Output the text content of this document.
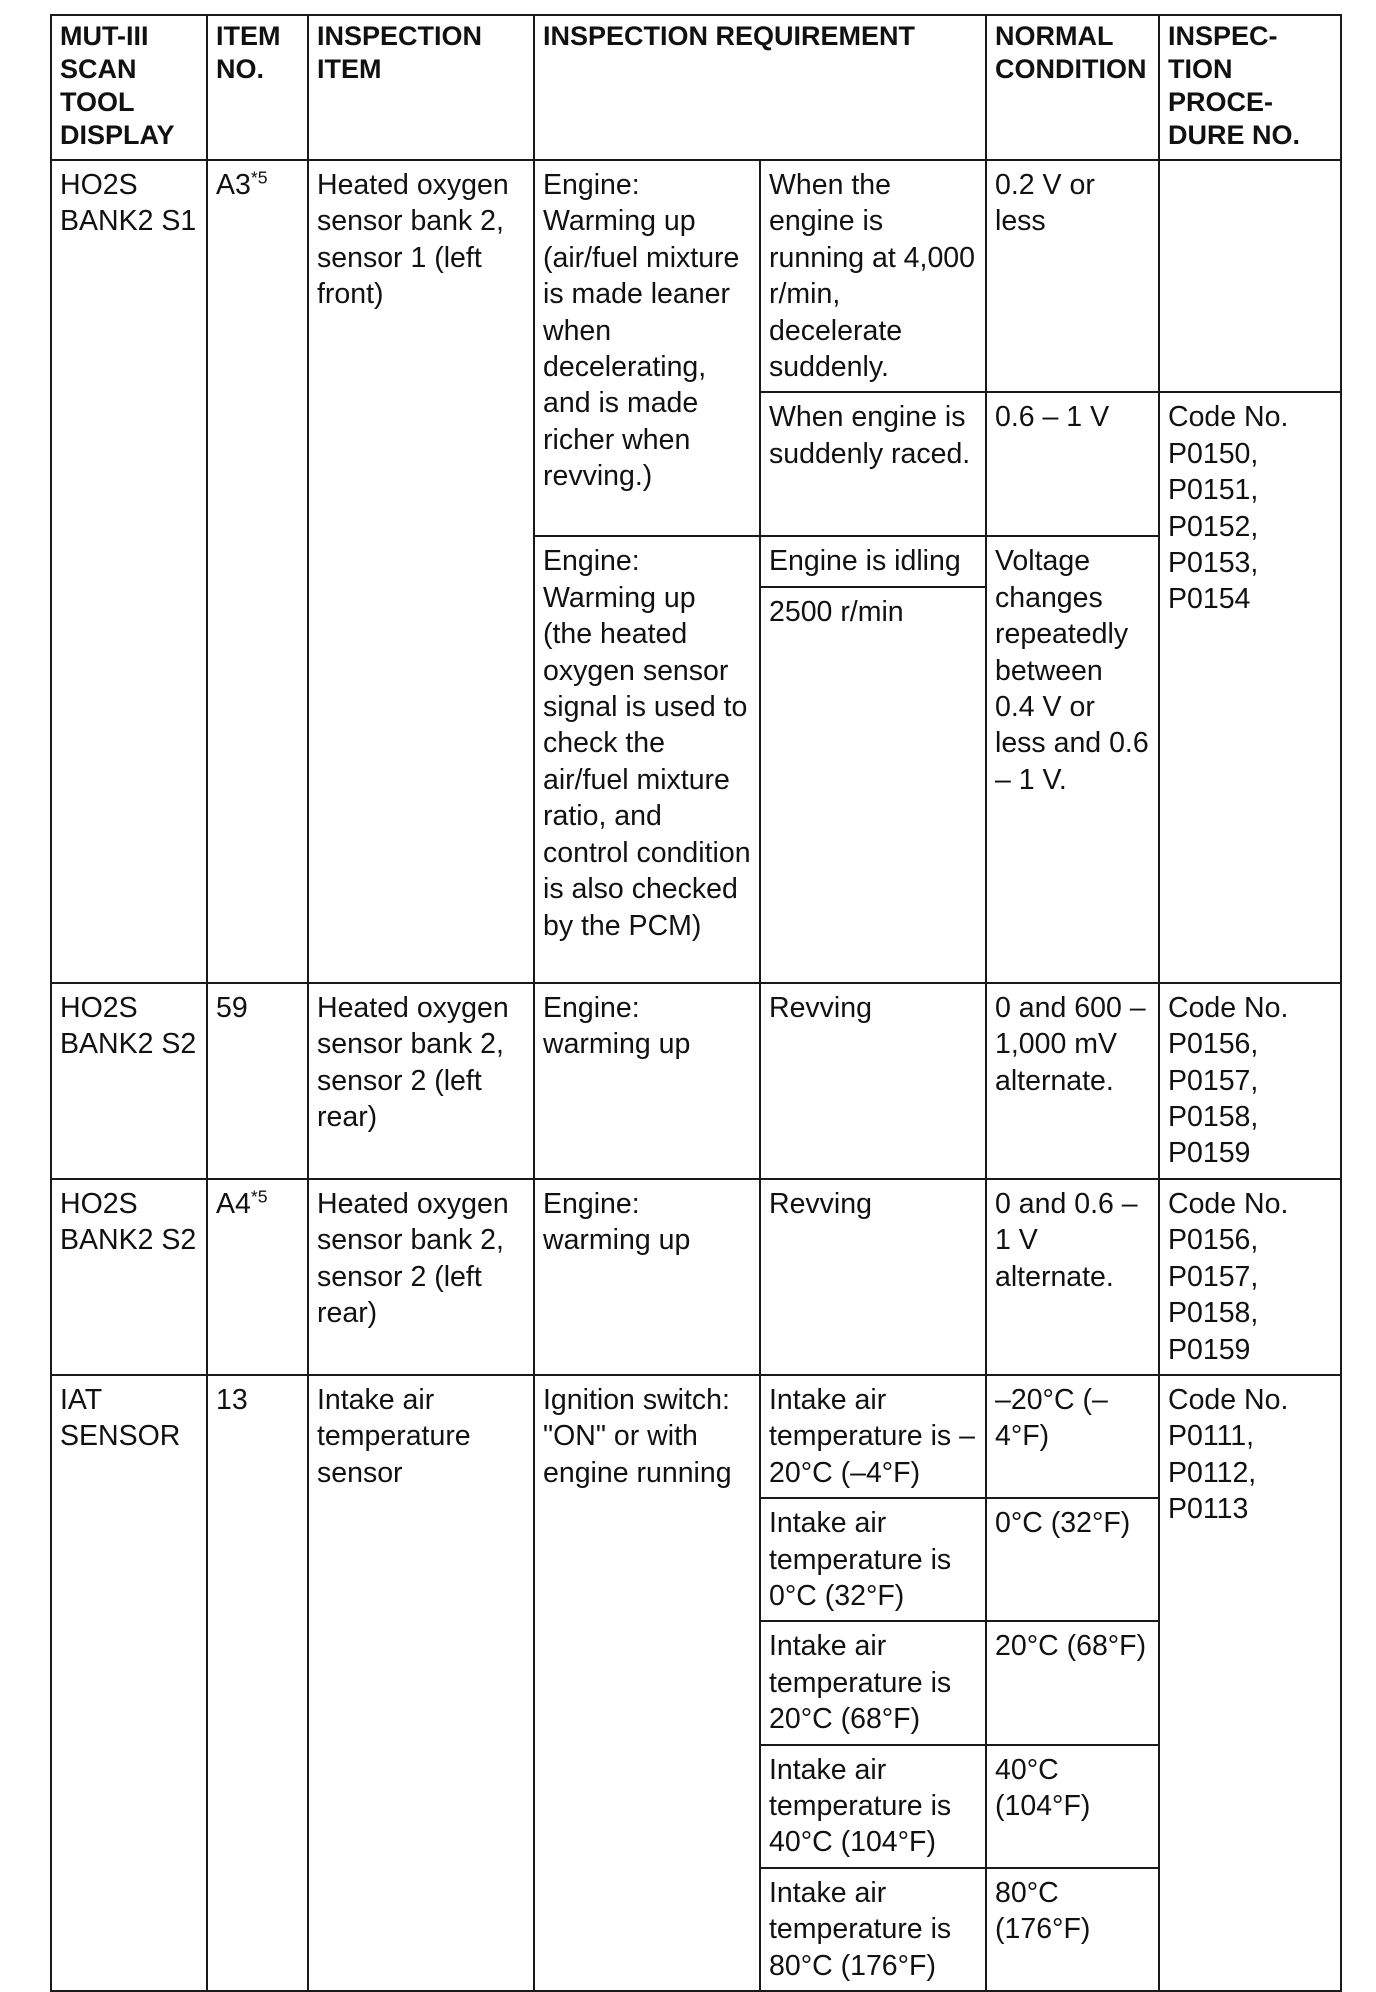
MUT-III SCAN TOOL DISPLAY	ITEM NO.	INSPECTION ITEM	INSPECTION REQUIREMENT		NORMAL CONDITION	INSPEC-TION PROCE-DURE NO.
HO2S BANK2 S1	A3$^{*5}$	Heated oxygen sensor bank 2, sensor 1 (left front)	Engine: Warming up (air/fuel mixture is made leaner when decelerating, and is made richer when revving.)	When the engine is running at 4,000 r/min, decelerate suddenly.	0.2 V or less	
				When engine is suddenly raced.	0.6 – 1 V	Code No. P0150, P0151, P0152, P0153, P0154
			Engine: Warming up (the heated oxygen sensor signal is used to check the air/fuel mixture ratio, and control condition is also checked by the PCM)	Engine is idling	Voltage changes repeatedly between 0.4 V or less and 0.6 – 1 V.	
				2500 r/min		
HO2S BANK2 S2	59	Heated oxygen sensor bank 2, sensor 2 (left rear)	Engine: warming up	Revving	0 and 600 – 1,000 mV alternate.	Code No. P0156, P0157, P0158, P0159
HO2S BANK2 S2	A4$^{*5}$	Heated oxygen sensor bank 2, sensor 2 (left rear)	Engine: warming up	Revving	0 and 0.6 – 1 V alternate.	Code No. P0156, P0157, P0158, P0159
IAT SENSOR	13	Intake air temperature sensor	Ignition switch: "ON" or with engine running	Intake air temperature is –20°C (–4°F)	–20°C (–4°F)	Code No. P0111, P0112, P0113
				Intake air temperature is 0°C (32°F)	0°C (32°F)	
				Intake air temperature is 20°C (68°F)	20°C (68°F)	
				Intake air temperature is 40°C (104°F)	40°C (104°F)	
				Intake air temperature is 80°C (176°F)	80°C (176°F)	
